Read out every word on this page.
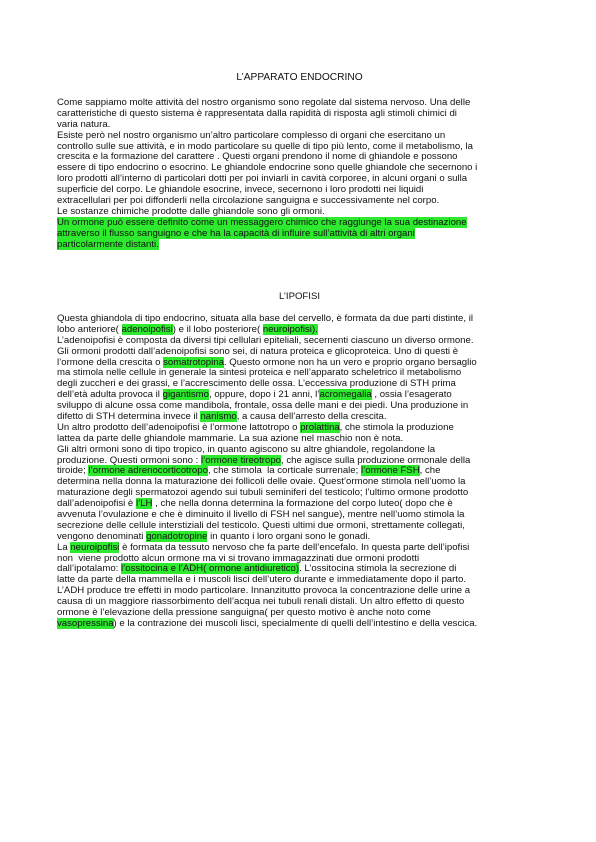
L’APPARATO ENDOCRINO
Come sappiamo molte attività del nostro organismo sono regolate dal sistema nervoso. Una delle
caratteristiche di questo sistema è rappresentata dalla rapidità di risposta agli stimoli chimici di
varia natura.
Esiste però nel nostro organismo un’altro particolare complesso di organi che esercitano un
controllo sulle sue attività, e in modo particolare su quelle di tipo più lento, come il metabolismo, la
crescita e la formazione del carattere . Questi organi prendono il nome di ghiandole e possono
essere di tipo endocrino o esocrino. Le ghiandole endocrine sono quelle ghiandole che secernono i
loro prodotti all’interno di particolari dotti per poi inviarli in cavità corporee, in alcuni organi o sulla
superficie del corpo. Le ghiandole esocrine, invece, secernono i loro prodotti nei liquidi
extracellulari per poi diffonderli nella circolazione sanguigna e successivamente nel corpo.
Le sostanze chimiche prodotte dalle ghiandole sono gli ormoni.
Un ormone può essere definito come un messaggero chimico che raggiunge la sua destinazione
attraverso il flusso sanguigno e che ha la capacità di influire sull’attività di altri organi
particolarmente distanti.
L’IPOFISI
Questa ghiandola di tipo endocrino, situata alla base del cervello, è formata da due parti distinte, il
lobo anteriore( adenoipofisi) e il lobo posteriore( neuroipofisi).
L’adenoipofisi è composta da diversi tipi cellulari epiteliali, secernenti ciascuno un diverso ormone.
Gli ormoni prodotti dall’adenoipofisi sono sei, di natura proteica e glicoproteica. Uno di questi è
l’ormone della crescita o somatrotopina. Questo ormone non ha un vero e proprio organo bersaglio
ma stimola nelle cellule in generale la sintesi proteica e nell’apparato scheletrico il metabolismo
degli zuccheri e dei grassi, e l’accrescimento delle ossa. L’eccessiva produzione di STH prima
dell’età adulta provoca il gigantismo, oppure, dopo i 21 anni, l’acromegalia , ossia l’esagerato
sviluppo di alcune ossa come mandibola, frontale, ossa delle mani e dei piedi. Una produzione in
difetto di STH determina invece il nanismo, a causa dell’arresto della crescita.
Un altro prodotto dell’adenoipofisi è l’ormone lattotropo o prolattina, che stimola la produzione
lattea da parte delle ghiandole mammarie. La sua azione nel maschio non è nota.
Gli altri ormoni sono di tipo tropico, in quanto agiscono su altre ghiandole, regolandone la
produzione. Questi ormoni sono : l’ormone tireotropo, che agisce sulla produzione ormonale della
tiroide; l’ormone adrenocorticotropo, che stimola  la corticale surrenale; l’ormone FSH, che
determina nella donna la maturazione dei follicoli delle ovaie. Quest’ormone stimola nell’uomo la
maturazione degli spermatozoi agendo sui tubuli seminiferi del testicolo; l’ultimo ormone prodotto
dall’adenoipofisi è l’LH , che nella donna determina la formazione del corpo luteo( dopo che è
avvenuta l’ovulazione e che è diminuito il livello di FSH nel sangue), mentre nell’uomo stimola la
secrezione delle cellule interstiziali del testicolo. Questi ultimi due ormoni, strettamente collegati,
vengono denominati gonadotropine in quanto i loro organi sono le gonadi.
La neuroipofisi è formata da tessuto nervoso che fa parte dell’encefalo. In questa parte dell’ipofisi
non  viene prodotto alcun ormone ma vi si trovano immagazzinati due ormoni prodotti
dall’ipotalamo: l’ossitocina e l’ADH( ormone antidiuretico). L’ossitocina stimola la secrezione di
latte da parte della mammella e i muscoli lisci dell’utero durante e immediatamente dopo il parto.
L’ADH produce tre effetti in modo particolare. Innanzitutto provoca la concentrazione delle urine a
causa di un maggiore riassorbimento dell’acqua nei tubuli renali distali. Un altro effetto di questo
ormone è l’elevazione della pressione sanguigna( per questo motivo è anche noto come
vasopressina) e la contrazione dei muscoli lisci, specialmente di quelli dell’intestino e della vescica.
